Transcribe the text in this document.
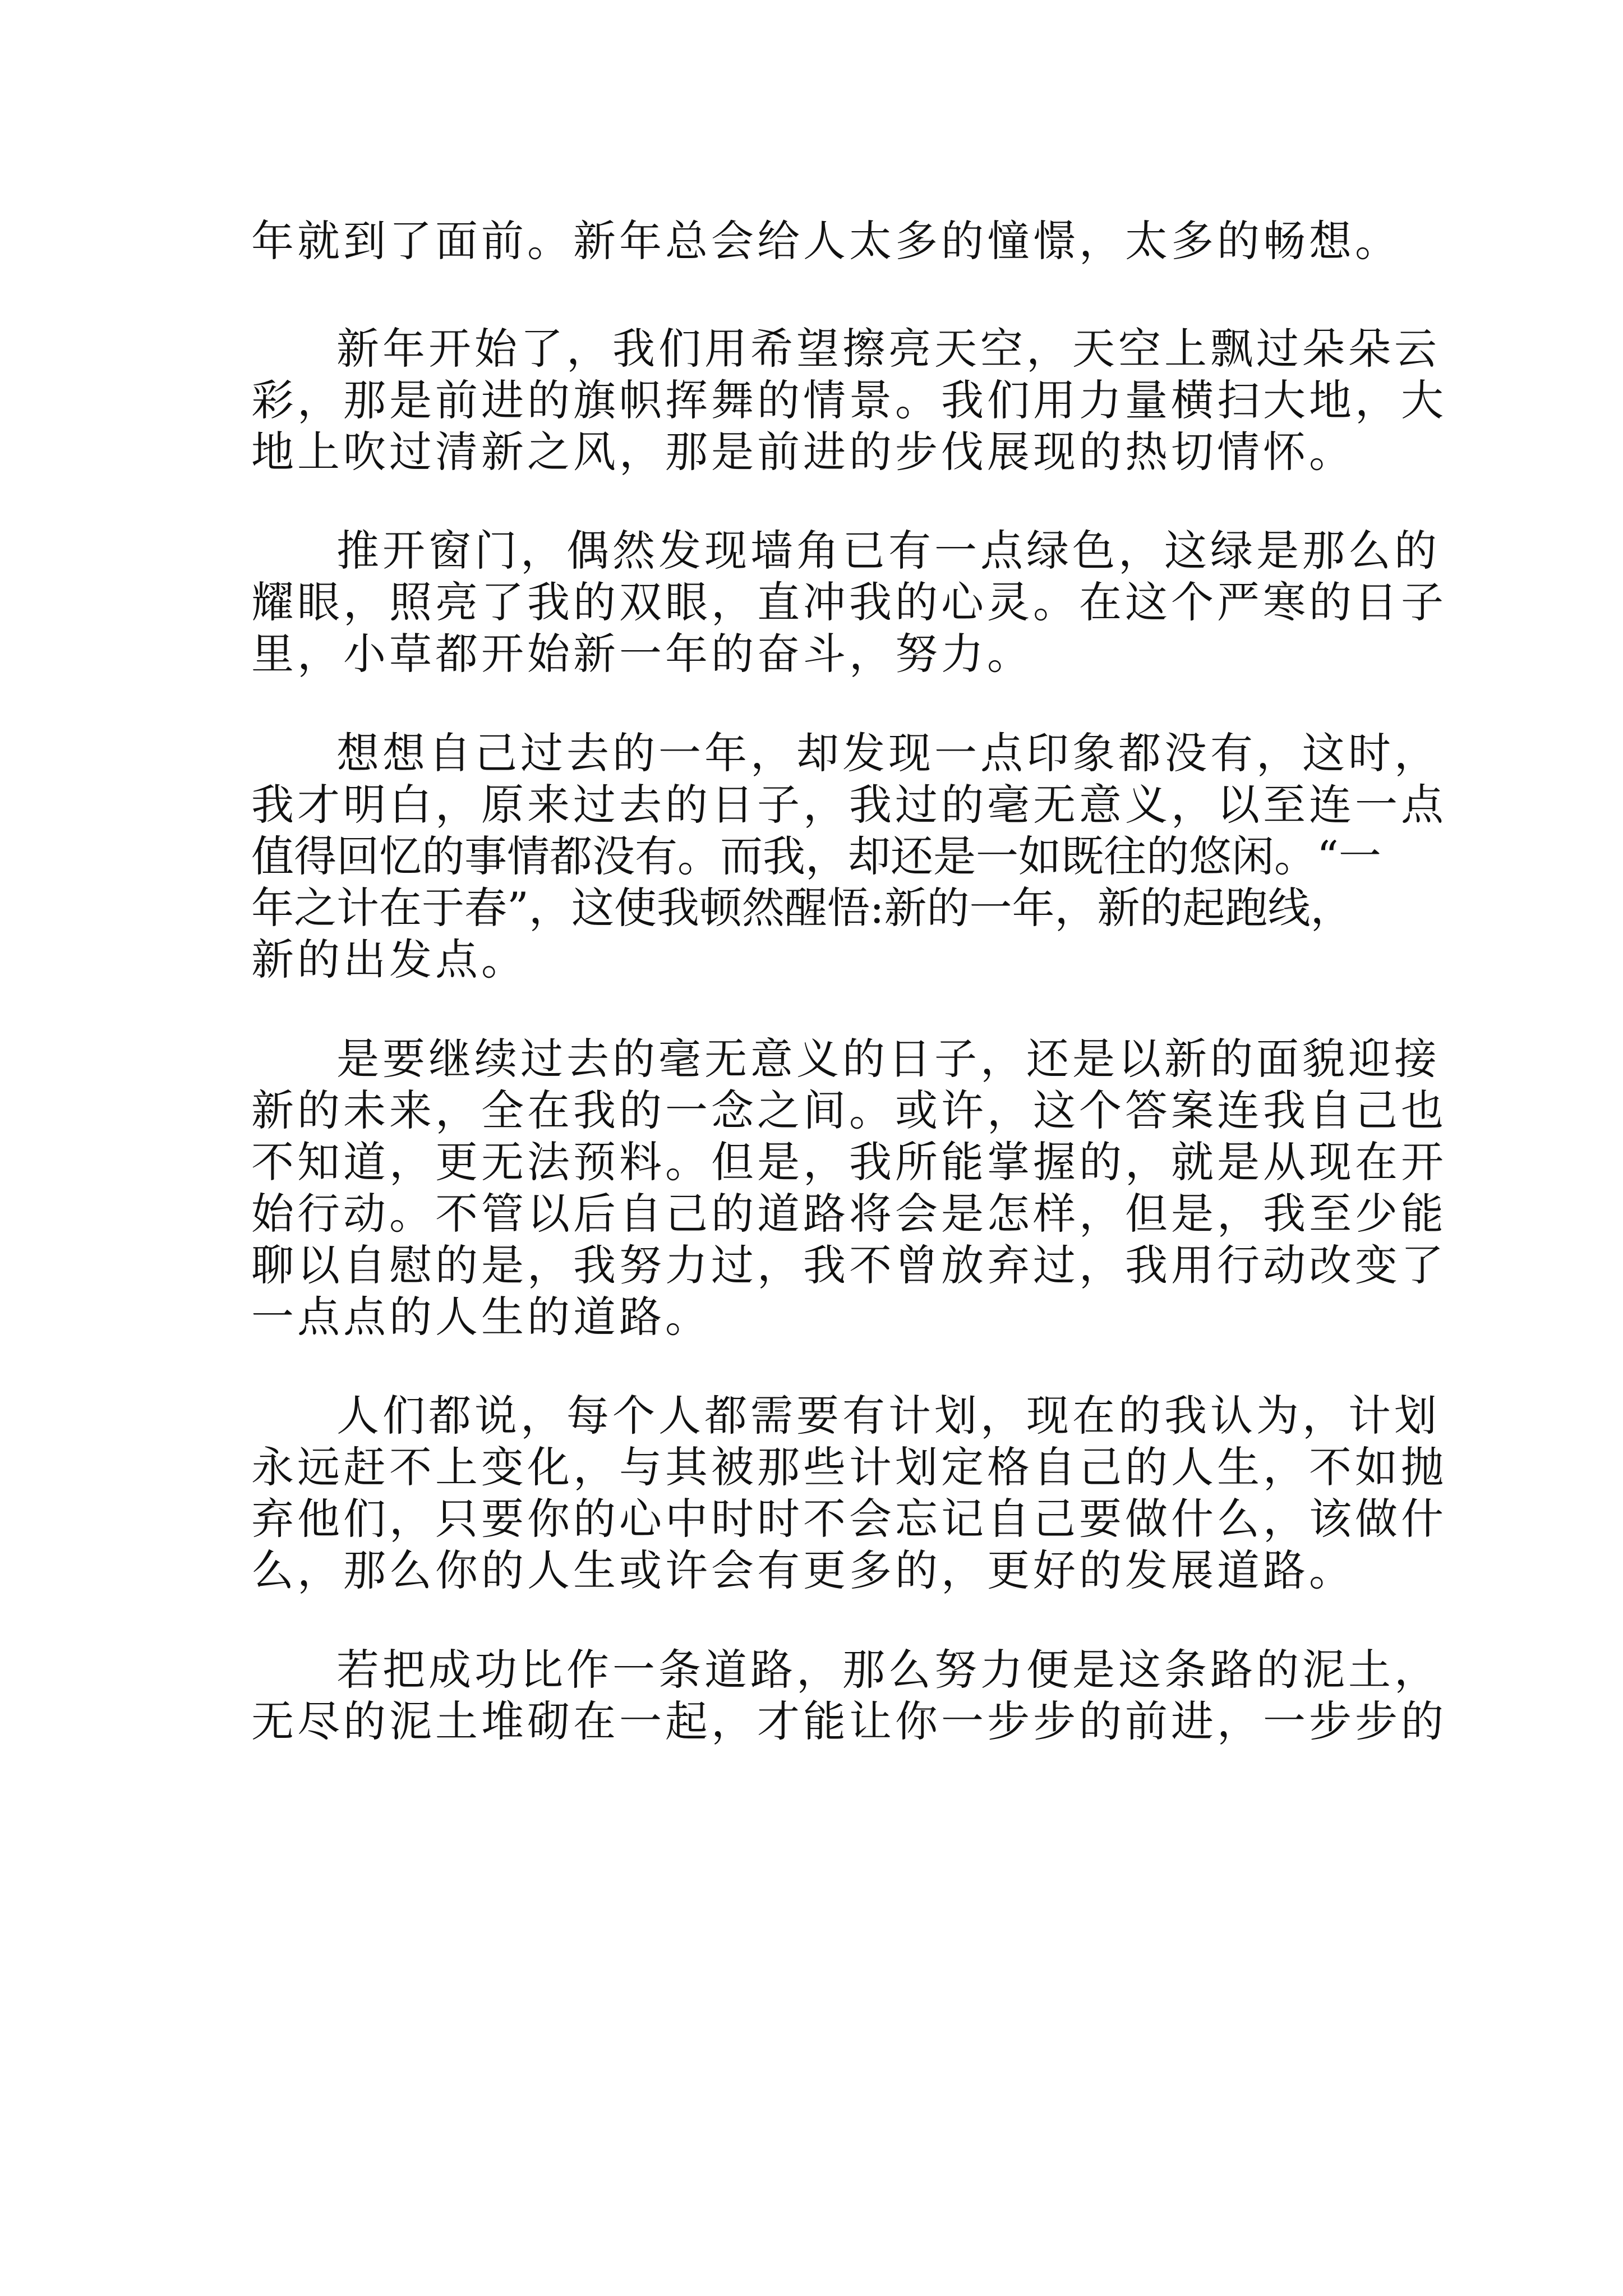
年就到了面前。新年总会给人太多的憧憬，太多的畅想。

新年开始了，我们用希望擦亮天空，天空上飘过朵朵云

彩，那是前进的旗帜挥舞的情景。我们用力量横扫大地，大

地上吹过清新之风，那是前进的步伐展现的热切情怀。

推开窗门，偶然发现墙角已有一点绿色，这绿是那么的

耀眼，照亮了我的双眼，直冲我的心灵。在这个严寒的日子

里，小草都开始新一年的奋斗，努力。

想想自己过去的一年，却发现一点印象都没有，这时，

我才明白，原来过去的日子，我过的毫无意义，以至连一点

值得回忆的事情都没有。而我，却还是一如既往的悠闲。“一

年之计在于春”，这使我顿然醒悟:新的一年，新的起跑线，

新的出发点。

是要继续过去的毫无意义的日子，还是以新的面貌迎接

新的未来，全在我的一念之间。或许，这个答案连我自己也

不知道，更无法预料。但是，我所能掌握的，就是从现在开

始行动。不管以后自己的道路将会是怎样，但是，我至少能

聊以自慰的是，我努力过，我不曾放弃过，我用行动改变了

一点点的人生的道路。

人们都说，每个人都需要有计划，现在的我认为，计划

永远赶不上变化，与其被那些计划定格自己的人生，不如抛

弃他们，只要你的心中时时不会忘记自己要做什么，该做什

么，那么你的人生或许会有更多的，更好的发展道路。

若把成功比作一条道路，那么努力便是这条路的泥土，

无尽的泥土堆砌在一起，才能让你一步步的前进，一步步的
